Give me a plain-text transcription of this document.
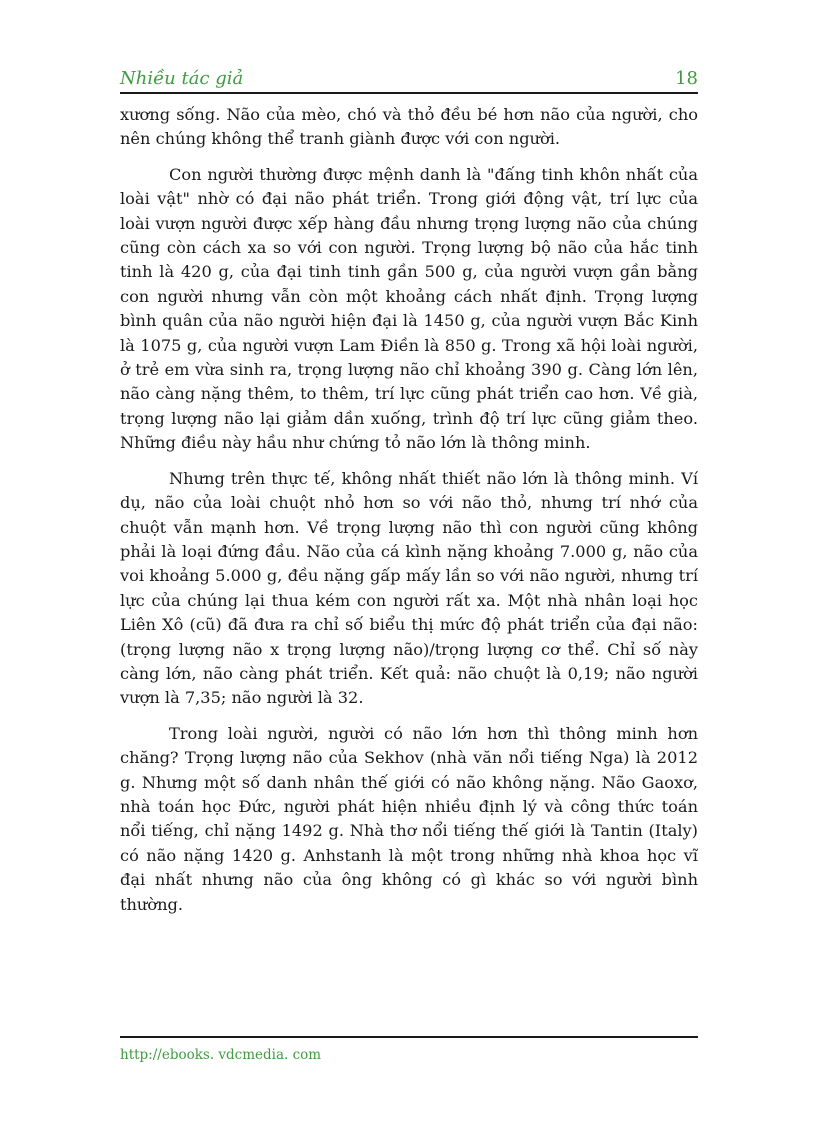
Nhiều tác giả	18

xương sống. Não của mèo, chó và thỏ đều bé hơn não của người, cho nên chúng không thể tranh giành được với con người.

Con người thường được mệnh danh là "đấng tinh khôn nhất của loài vật" nhờ có đại não phát triển. Trong giới động vật, trí lực của loài vượn người được xếp hàng đầu nhưng trọng lượng não của chúng cũng còn cách xa so với con người. Trọng lượng bộ não của hắc tinh tinh là 420 g, của đại tinh tinh gần 500 g, của người vượn gần bằng con người nhưng vẫn còn một khoảng cách nhất định. Trọng lượng bình quân của não người hiện đại là 1450 g, của người vượn Bắc Kinh là 1075 g, của người vượn Lam Điền là 850 g. Trong xã hội loài người, ở trẻ em vừa sinh ra, trọng lượng não chỉ khoảng 390 g. Càng lớn lên, não càng nặng thêm, to thêm, trí lực cũng phát triển cao hơn. Về già, trọng lượng não lại giảm dần xuống, trình độ trí lực cũng giảm theo. Những điều này hầu như chứng tỏ não lớn là thông minh.

Nhưng trên thực tế, không nhất thiết não lớn là thông minh. Ví dụ, não của loài chuột nhỏ hơn so với não thỏ, nhưng trí nhớ của chuột vẫn mạnh hơn. Về trọng lượng não thì con người cũng không phải là loại đứng đầu. Não của cá kình nặng khoảng 7.000 g, não của voi khoảng 5.000 g, đều nặng gấp mấy lần so với não người, nhưng trí lực của chúng lại thua kém con người rất xa. Một nhà nhân loại học Liên Xô (cũ) đã đưa ra chỉ số biểu thị mức độ phát triển của đại não: (trọng lượng não x trọng lượng não)/trọng lượng cơ thể. Chỉ số này càng lớn, não càng phát triển. Kết quả: não chuột là 0,19; não người vượn là 7,35; não người là 32.

Trong loài người, người có não lớn hơn thì thông minh hơn chăng? Trọng lượng não của Sekhov (nhà văn nổi tiếng Nga) là 2012 g. Nhưng một số danh nhân thế giới có não không nặng. Não Gaoxơ, nhà toán học Đức, người phát hiện nhiều định lý và công thức toán nổi tiếng, chỉ nặng 1492 g. Nhà thơ nổi tiếng thế giới là Tantin (Italy) có não nặng 1420 g. Anhstanh là một trong những nhà khoa học vĩ đại nhất nhưng não của ông không có gì khác so với người bình thường.

http://ebooks. vdcmedia. com
